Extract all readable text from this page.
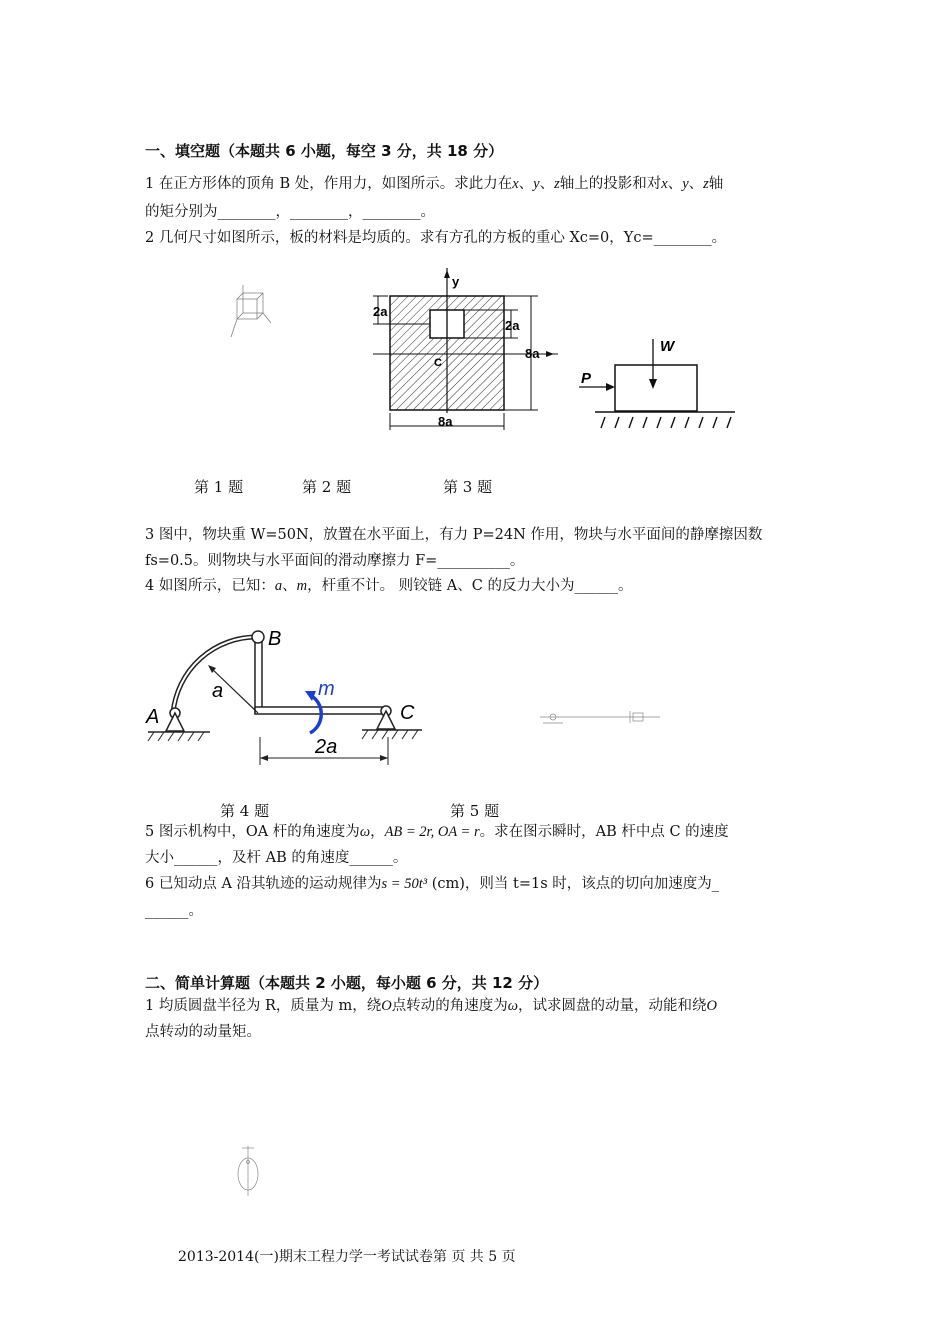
一、填空题（本题共 6 小题，每空 3 分，共 18 分）
1 在正方形体的顶角 B 处，作用力，如图所示。求此力在x、y、z轴上的投影和对x、y、z轴
的矩分别为________，________，________。
2 几何尺寸如图所示，板的材料是均质的。求有方孔的方板的重心 Xc=0，Yc=________。
y
2a
2a
8a
8a
C
W
P
第 1 题	第 2 题	第 3 题
3 图中，物块重 W=50N，放置在水平面上，有力 P=24N 作用，物块与水平面间的静摩擦因数
fs=0.5。则物块与水平面间的滑动摩擦力 F=__________。
4 如图所示，已知：a、m，杆重不计。 则铰链 A、C 的反力大小为______。
A
B
C
a	m
2a
第 4 题	第 5 题
5 图示机构中，OA 杆的角速度为ω，AB = 2r, OA = r。求在图示瞬时，AB 杆中点 C 的速度
大小______，及杆 AB 的角速度______。
6 已知动点 A 沿其轨迹的运动规律为s = 50t³ (cm)，则当 t=1s 时，该点的切向加速度为_
______。
二、简单计算题（本题共 2 小题，每小题 6 分，共 12 分）
1 均质圆盘半径为 R，质量为 m，绕O点转动的角速度为ω，试求圆盘的动量，动能和绕O
点转动的动量矩。
2013-2014(一)期末工程力学一考试试卷第 页 共 5 页
